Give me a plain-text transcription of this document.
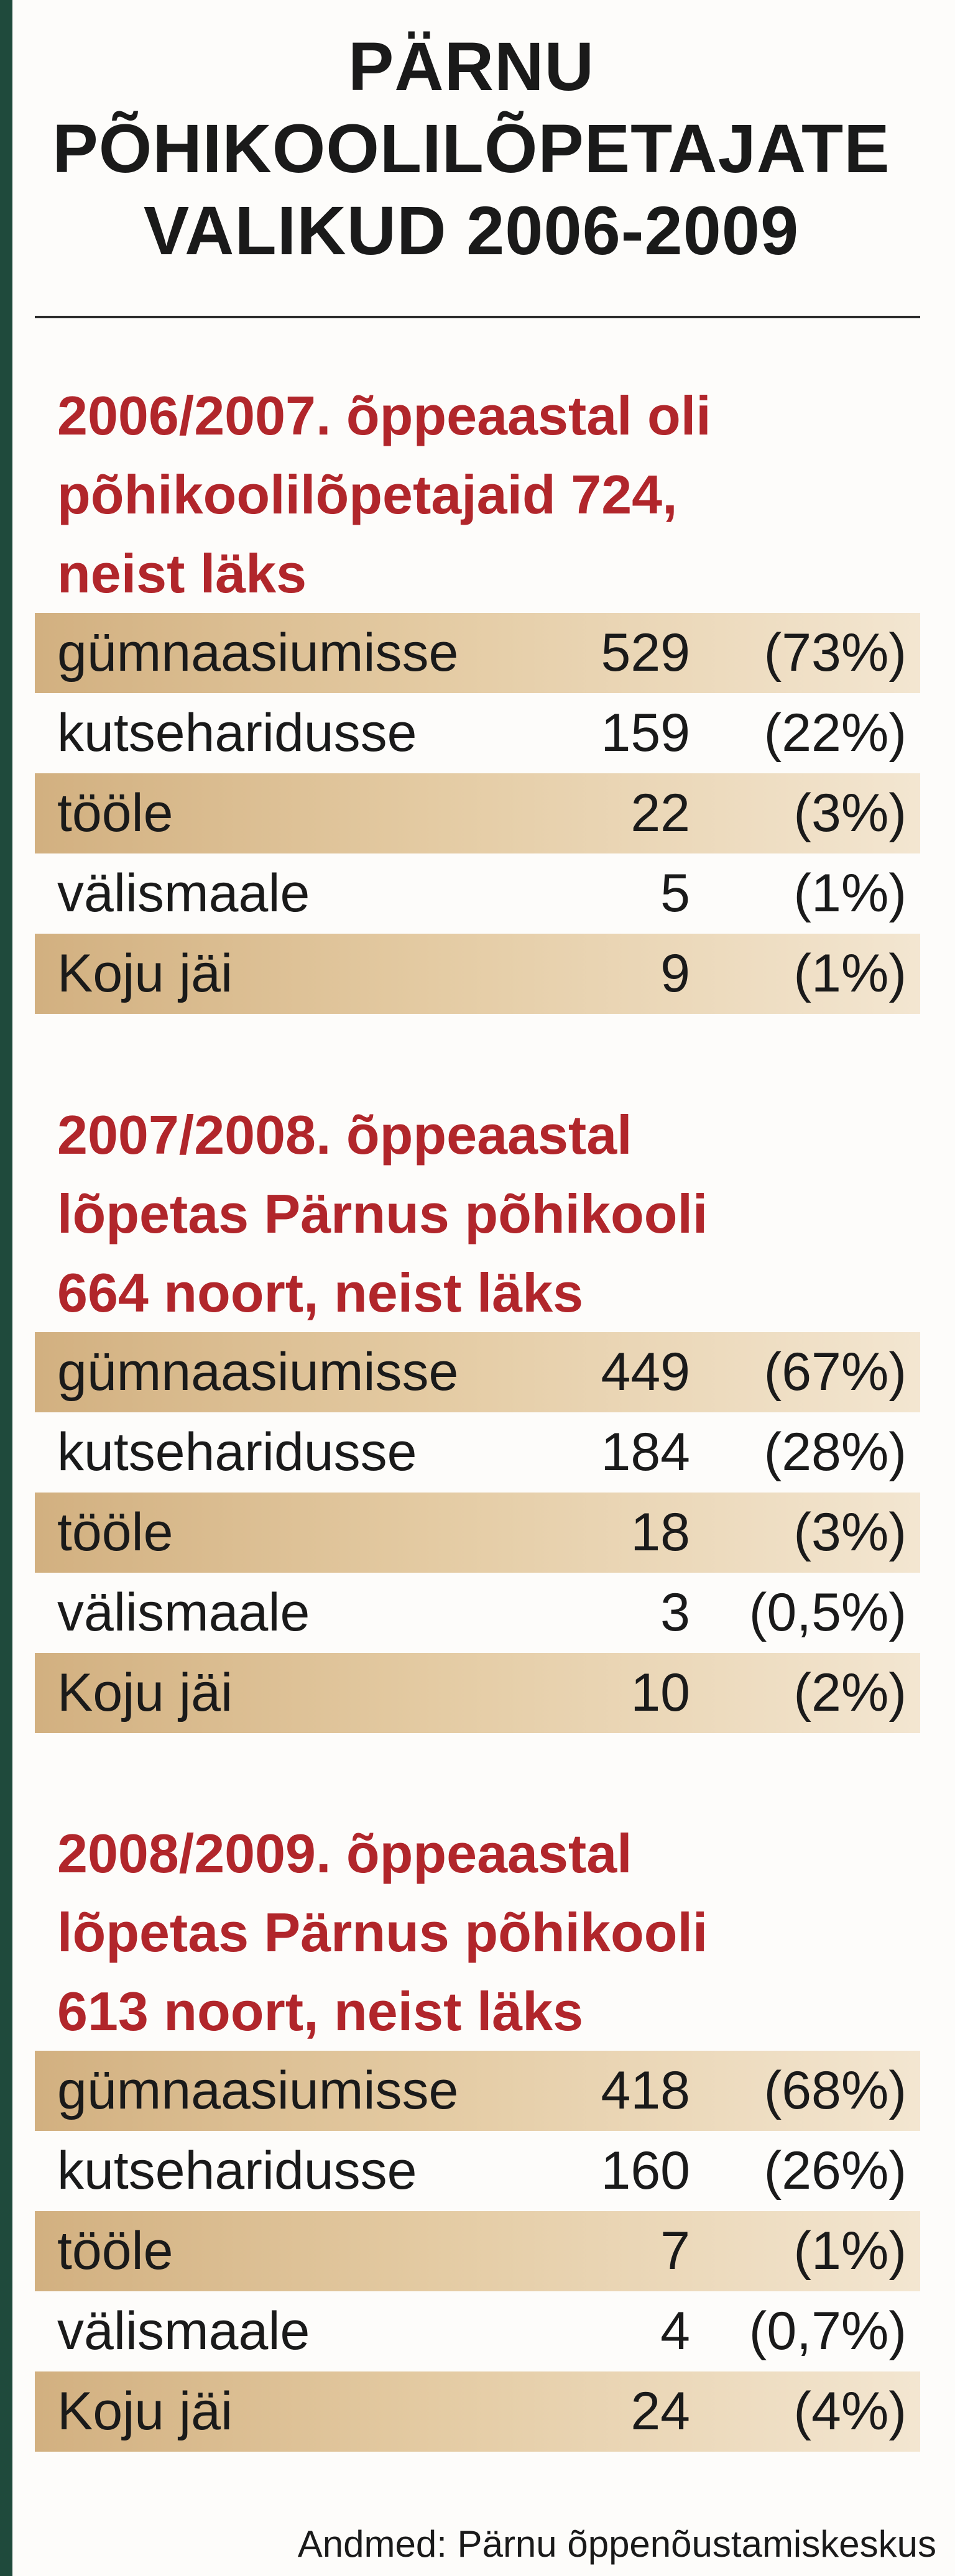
PÄRNU
PÕHIKOOLILÕPETAJATE
VALIKUD 2006-2009
2006/2007. õppeaastal oli
põhikoolilõpetajaid 724,
neist läks
gümnaasiumisse	529 (73%)
kutseharidusse	159 (22%)
tööle	22 (3%)
välismaale	5 (1%)
Koju jäi	9 (1%)
2007/2008. õppeaastal
lõpetas Pärnus põhikooli
664 noort, neist läks
gümnaasiumisse	449 (67%)
kutseharidusse	184 (28%)
tööle	18 (3%)
välismaale	3 (0,5%)
Koju jäi	10 (2%)
2008/2009. õppeaastal
lõpetas Pärnus põhikooli
613 noort, neist läks
gümnaasiumisse	418 (68%)
kutseharidusse	160 (26%)
tööle	7 (1%)
välismaale	4 (0,7%)
Koju jäi	24 (4%)
Andmed: Pärnu õppenõustamiskeskus
